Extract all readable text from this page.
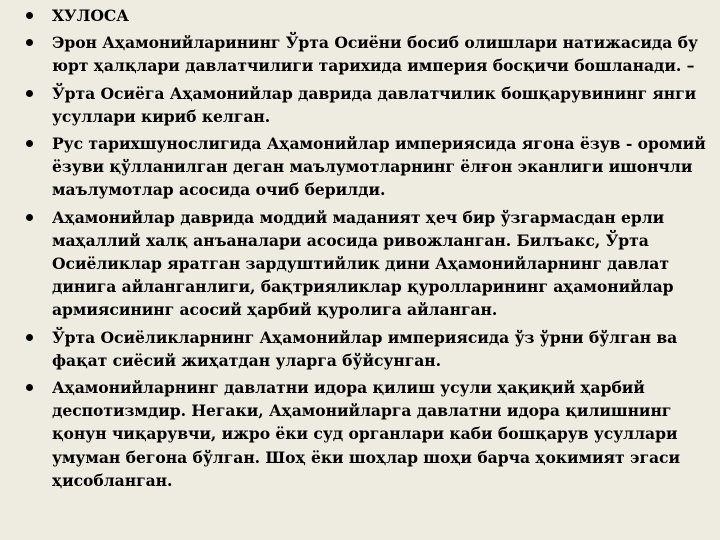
ХУЛОСА
Эрон Аҳамонийларининг Ўрта Осиёни босиб олишлари натижасида бу юрт ҳалқлари давлатчилиги тарихида империя босқичи бошланади. –
Ўрта Осиёга Аҳамонийлар даврида давлатчилик бошқарувининг янги усуллари кириб келган.
Рус тарихшунослигида Аҳамонийлар империясида ягона ёзув - оромий ёзуви қўлланилган деган маълумотларнинг ёлғон эканлиги ишончли маълумотлар асосида очиб берилди.
Аҳамонийлар даврида моддий маданият ҳеч бир ўзгармасдан ерли маҳаллий халқ анъаналари асосида ривожланган. Билъакс, Ўрта Осиёликлар яратган зардуштийлик дини Аҳамонийларнинг давлат динига айланганлиги, бақтрияликлар қуролларининг аҳамонийлар армиясининг асосий ҳарбий қуролига айланган.
Ўрта Осиёликларнинг Аҳамонийлар империясида ўз ўрни бўлган ва фақат сиёсий жиҳатдан уларга бўйсунган.
Аҳамонийларнинг давлатни идора қилиш усули ҳақиқий ҳарбий деспотизмдир. Негаки, Аҳамонийларга давлатни идора қилишнинг қонун чиқарувчи, ижро ёки суд органлари каби бошқарув усуллари умуман бегона бўлган. Шоҳ ёки шоҳлар шоҳи барча ҳокимият эгаси ҳисобланган.
